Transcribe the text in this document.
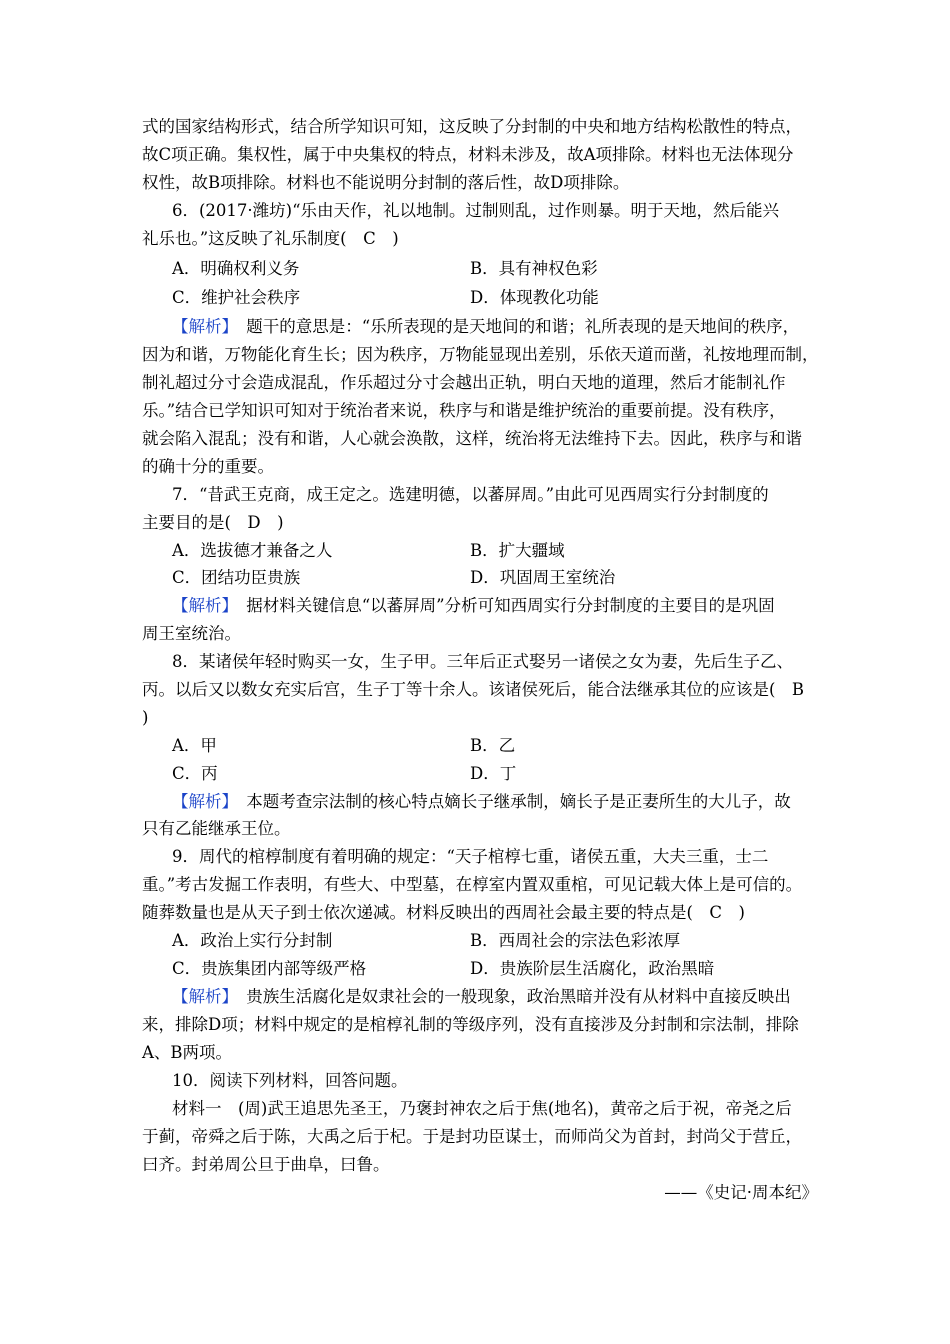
式的国家结构形式，结合所学知识可知，这反映了分封制的中央和地方结构松散性的特点，
故C项正确。集权性，属于中央集权的特点，材料未涉及，故A项排除。材料也无法体现分
权性，故B项排除。材料也不能说明分封制的落后性，故D项排除。
6．(2017·潍坊)“乐由天作，礼以地制。过制则乱，过作则暴。明于天地，然后能兴
礼乐也。”这反映了礼乐制度(　C　)
A．明确权利义务	B．具有神权色彩
C．维护社会秩序	D．体现教化功能
【解析】　题干的意思是：“乐所表现的是天地间的和谐；礼所表现的是天地间的秩序，
因为和谐，万物能化育生长；因为秩序，万物能显现出差别，乐依天道而凿，礼按地理而制，
制礼超过分寸会造成混乱，作乐超过分寸会越出正轨，明白天地的道理，然后才能制礼作
乐。”结合已学知识可知对于统治者来说，秩序与和谐是维护统治的重要前提。没有秩序，
就会陷入混乱；没有和谐，人心就会涣散，这样，统治将无法维持下去。因此，秩序与和谐
的确十分的重要。
7．“昔武王克商，成王定之。选建明德，以蕃屏周。”由此可见西周实行分封制度的
主要目的是(　D　)
A．选拔德才兼备之人	B．扩大疆域
C．团结功臣贵族	D．巩固周王室统治
【解析】　据材料关键信息“以蕃屏周”分析可知西周实行分封制度的主要目的是巩固
周王室统治。
8．某诸侯年轻时购买一女，生子甲。三年后正式娶另一诸侯之女为妻，先后生子乙、
丙。以后又以数女充实后宫，生子丁等十余人。该诸侯死后，能合法继承其位的应该是(　B
)
A．甲	B．乙
C．丙	D．丁
【解析】　本题考查宗法制的核心特点嫡长子继承制，嫡长子是正妻所生的大儿子，故
只有乙能继承王位。
9．周代的棺椁制度有着明确的规定：“天子棺椁七重，诸侯五重，大夫三重，士二
重。”考古发掘工作表明，有些大、中型墓，在椁室内置双重棺，可见记载大体上是可信的。
随葬数量也是从天子到士依次递减。材料反映出的西周社会最主要的特点是(　C　)
A．政治上实行分封制	B．西周社会的宗法色彩浓厚
C．贵族集团内部等级严格	D．贵族阶层生活腐化，政治黑暗
【解析】　贵族生活腐化是奴隶社会的一般现象，政治黑暗并没有从材料中直接反映出
来，排除D项；材料中规定的是棺椁礼制的等级序列，没有直接涉及分封制和宗法制，排除
A、B两项。
10．阅读下列材料，回答问题。
材料一　(周)武王追思先圣王，乃褒封神农之后于焦(地名)，黄帝之后于祝，帝尧之后
于蓟，帝舜之后于陈，大禹之后于杞。于是封功臣谋士，而师尚父为首封，封尚父于营丘，
曰齐。封弟周公旦于曲阜，曰鲁。
——《史记·周本纪》
